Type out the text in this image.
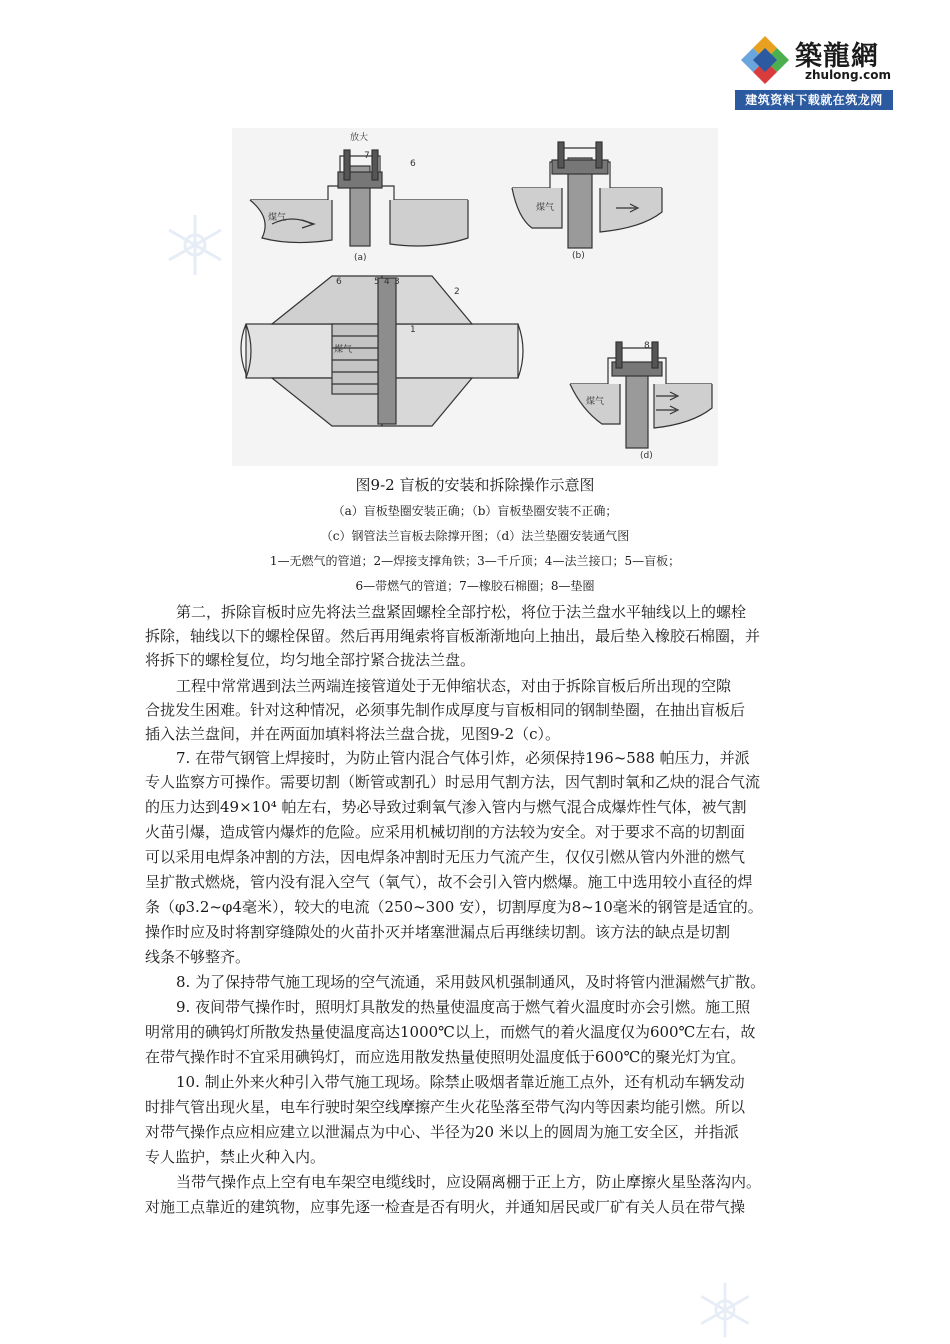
築龍網
zhulong.com
建筑资料下载就在筑龙网
放大
7
6
煤气
(a)
煤气
(b)
煤气
6	5 4 3
1
2
8
煤气
(d)
图9-2 盲板的安装和拆除操作示意图
（a）盲板垫圈安装正确；（b）盲板垫圈安装不正确；
（c）钢管法兰盲板去除撑开图；（d）法兰垫圈安装通气图
1—无燃气的管道；2—焊接支撑角铁；3—千斤顶；4—法兰接口；5—盲板；
6—带燃气的管道；7—橡胶石棉圈；8—垫圈
第二，拆除盲板时应先将法兰盘紧固螺栓全部拧松，将位于法兰盘水平轴线以上的螺栓
拆除，轴线以下的螺栓保留。然后再用绳索将盲板渐渐地向上抽出，最后垫入橡胶石棉圈，并
将拆下的螺栓复位，均匀地全部拧紧合拢法兰盘。
工程中常常遇到法兰两端连接管道处于无伸缩状态，对由于拆除盲板后所出现的空隙
合拢发生困难。针对这种情况，必须事先制作成厚度与盲板相同的钢制垫圈，在抽出盲板后
插入法兰盘间，并在两面加填料将法兰盘合拢，见图9-2（c）。
7. 在带气钢管上焊接时，为防止管内混合气体引炸，必须保持196~588 帕压力，并派
专人监察方可操作。需要切割（断管或割孔）时忌用气割方法，因气割时氧和乙炔的混合气流
的压力达到49×10⁴ 帕左右，势必导致过剩氧气渗入管内与燃气混合成爆炸性气体，被气割
火苗引爆，造成管内爆炸的危险。应采用机械切削的方法较为安全。对于要求不高的切割面
可以采用电焊条冲割的方法，因电焊条冲割时无压力气流产生，仅仅引燃从管内外泄的燃气
呈扩散式燃烧，管内没有混入空气（氧气），故不会引入管内燃爆。施工中选用较小直径的焊
条（φ3.2~φ4毫米），较大的电流（250~300 安），切割厚度为8~10毫米的钢管是适宜的。
操作时应及时将割穿缝隙处的火苗扑灭并堵塞泄漏点后再继续切割。该方法的缺点是切割
线条不够整齐。
8. 为了保持带气施工现场的空气流通，采用鼓风机强制通风，及时将管内泄漏燃气扩散。
9. 夜间带气操作时，照明灯具散发的热量使温度高于燃气着火温度时亦会引燃。施工照
明常用的碘钨灯所散发热量使温度高达1000℃以上，而燃气的着火温度仅为600℃左右，故
在带气操作时不宜采用碘钨灯，而应选用散发热量使照明处温度低于600℃的聚光灯为宜。
10. 制止外来火种引入带气施工现场。除禁止吸烟者靠近施工点外，还有机动车辆发动
时排气管出现火星，电车行驶时架空线摩擦产生火花坠落至带气沟内等因素均能引燃。所以
对带气操作点应相应建立以泄漏点为中心、半径为20 米以上的圆周为施工安全区，并指派
专人监护，禁止火种入内。
当带气操作点上空有电车架空电缆线时，应设隔离棚于正上方，防止摩擦火星坠落沟内。
对施工点靠近的建筑物，应事先逐一检查是否有明火，并通知居民或厂矿有关人员在带气操
